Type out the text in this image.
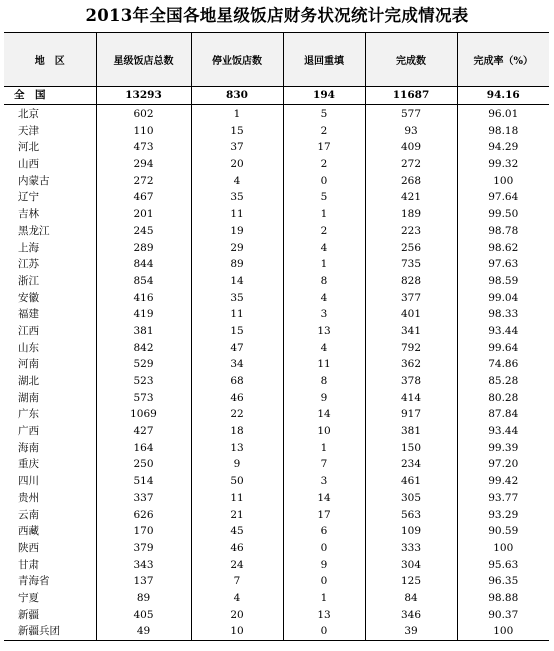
2013年全国各地星级饭店财务状况统计完成情况表
地　区	星级饭店总数	停业饭店数	退回重填	完成数	完成率（%）
全　国	13293	830	194	11687	94.16
北京	602	1	5	577	96.01
天津	110	15	2	93	98.18
河北	473	37	17	409	94.29
山西	294	20	2	272	99.32
内蒙古	272	4	0	268	100
辽宁	467	35	5	421	97.64
吉林	201	11	1	189	99.50
黑龙江	245	19	2	223	98.78
上海	289	29	4	256	98.62
江苏	844	89	1	735	97.63
浙江	854	14	8	828	98.59
安徽	416	35	4	377	99.04
福建	419	11	3	401	98.33
江西	381	15	13	341	93.44
山东	842	47	4	792	99.64
河南	529	34	11	362	74.86
湖北	523	68	8	378	85.28
湖南	573	46	9	414	80.28
广东	1069	22	14	917	87.84
广西	427	18	10	381	93.44
海南	164	13	1	150	99.39
重庆	250	9	7	234	97.20
四川	514	50	3	461	99.42
贵州	337	11	14	305	93.77
云南	626	21	17	563	93.29
西藏	170	45	6	109	90.59
陕西	379	46	0	333	100
甘肃	343	24	9	304	95.63
青海省	137	7	0	125	96.35
宁夏	89	4	1	84	98.88
新疆	405	20	13	346	90.37
新疆兵团	49	10	0	39	100
